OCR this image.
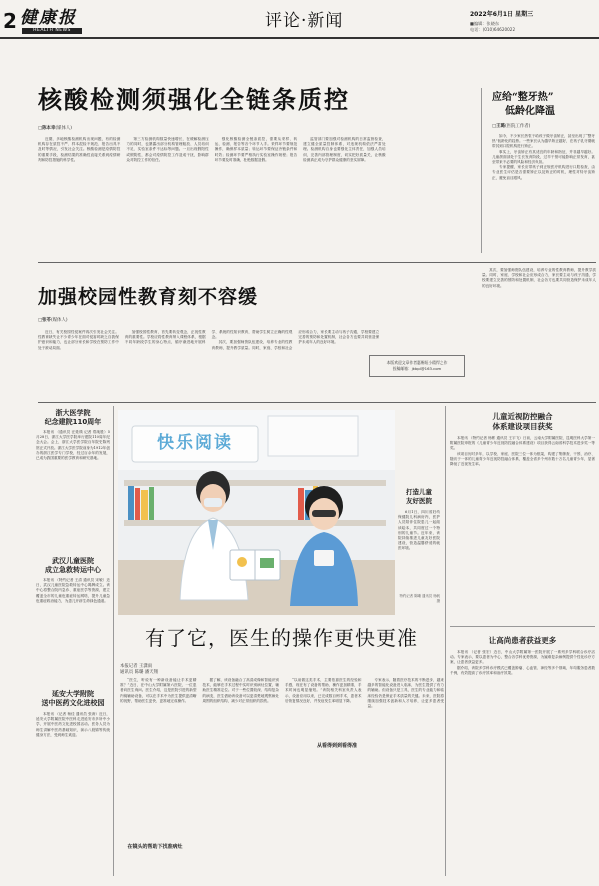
2 健康报
HEALTH NEWS	评论·新闻	2022年6月1日 星期三
■编辑：张晓东
电话：(010)64620022
核酸检测须强化全链条质控
□陈本幸(媒体人)

近期，多地核酸检测机构出现问题，有的检测机构存在质控不严、样本混检不规范、报告出具不及时等情况，引发社会关注。核酸检测是疫情防控的重要手段，检测结果的准确性直接关系到疫情研判和防控措施的科学性。

第三方检测机构数量快速增长，在缓解检测压力的同时，也暴露出部分机构管理粗放、人员培训不足、实验室条件不达标等问题。一旦出现假阳性或假阴性，都会对疫情防控工作造成干扰，影响群众对防控工作的信任。

强化核酸检测全链条质控，需要从采样、转运、检测、报告等各个环节入手。采样环节要规范操作，确保样本质量；转运环节要保证冷链条件和时效；检测环节要严格执行实验室操作规程；报告环节要及时准确，杜绝数据造假。

监管部门要加强对检测机构的日常监督检查，建立健全质量控制体系，对违规机构依法严肃处理。检测机构自身也要强化主体责任，加强人员培训，完善内部管理制度，切实把好质量关，让核酸检测真正成为守护群众健康的坚实屏障。

应给“整牙热”
低龄化降温
□王璐(医院工作者)

如今，不少家长热衷于给孩子做牙齿矫正，甚至出现了“整牙热”低龄化的趋势。一些家长认为越早矫正越好，在孩子乳牙期就带其到口腔机构进行矫正。

事实上，牙齿矫正有其适宜的年龄和指征，并非越早越好。儿童颌面部处于生长发育阶段，过早干预可能影响正常发育，甚至带来不必要的风险和经济负担。

专家提醒，家长应带孩子到正规医疗机构进行口腔检查，由专业医生评估是否需要矫正以及矫正的时机，理性对待牙齿矫正，避免盲目跟风。

加强校园性教育刻不容缓
□张苓(媒体人)

近日，有关校园性侵案件再次引发社会关注。性教育缺失让不少青少年在面对侵害时缺乏自我保护意识和能力，也让部分家长和学校在预防工作中处于被动局面。

加强校园性教育，首先要转变观念，正视性教育的重要性。学校应将性教育纳入课程体系，根据不同年龄段学生的身心特点，循序渐进地开展科学、系统的性知识教育，帮助学生树立正确的性观念。

其次，要加强师资队伍建设，培养专业的性教育教师，提升教学质量。同时，家庭、学校和社会应形成合力，家长要主动与孩子沟通，学校要建立完善的预防和处置机制，社会各方也要共同营造保护未成年人的良好环境。

其次，要加强师资队伍建设，培养专业的性教育教师，提升教学质量。同时，家庭、学校和社会应形成合力，家长要主动与孩子沟通，学校要建立完善的预防和处置机制，社会各方也要共同营造保护未成年人的良好环境。

本版欢迎文章作者惠赐短小精悍之作
投稿邮箱：jkbpl@163.com
浙大医学院
纪念建院110周年

本报讯 （通讯员 汪姓瑛 记者 郑纯胜）5月28日，浙江大学医学院举行建院110周年纪念大会。会上，浙江大学医学院百年院史陈列馆正式开放。浙江大学医学院前身为1912年创办的浙江医学专门学校，经过百余年的发展，已成为我国重要的医学教育和研究基地。

武汉儿童医院
成立急救转运中心

本报讯 （特约记者 王清 通讯员 宋敏）近日，武汉儿童医院急救转运中心揭牌成立。该中心将整合院内急诊、重症医学等资源，建立覆盖全市的儿童危重症转运网络，提升儿童急危重症救治能力，为患儿开辟生命绿色通道。

延安大学附院
送中医药文化进校园

本报讯 （记者 杨佳 通讯员 张涛）近日，延安大学附属医院中医科走进延安市多所中小学，开展中医药文化进校园活动。医务人员为师生讲解中医药基础知识，演示八段锦等传统健身方法，受到师生欢迎。

快乐阅读
打造儿童
友好医院

6月1日，四川省妇幼保健院儿科病房内，医护人员陪伴住院患儿一起阅读绘本，共同度过一个特别的儿童节。近年来，该院持续推进儿童友好医院建设，营造温馨舒适的就医环境。

特约记者 陈曦 通讯员 杨帆 摄
儿童近视防控融合
体系建设项目获奖

本报讯 （特约记者 杨彬 通讯员 王宇飞）日前，云南大学附属医院、昆明医科大学第一附属医院申报的《儿童青少年近视防控融合体系建设》项目获得云南省科学技术进步奖一等奖。

该项目历时多年，以学校、家庭、医院三位一体为框架，构建了集筛查、干预、治疗、随访于一体的儿童青少年近视防控融合体系，覆盖全省多个州市数十万名儿童青少年，显著降低了近视发生率。

让高尚患者获益更多

本报讯 （记者 张宏）近日，中山大学附属第一医院开展了一系列多学科联合诊疗活动。专家表示，要以患者为中心，整合各学科优势资源，为疑难复杂病例提供个性化诊疗方案，让患者获益更多。

据介绍，该院多学科诊疗模式已覆盖肿瘤、心血管、神经等多个领域，年均服务患者数千例，有效提高了诊疗效率和治疗效果。

有了它，医生的操作更快更准
本报记者 王潇雨
通讯员 陈璐 潘天翔
在镜头的帮助下找准病灶
从看得到到看得准

“医生，听说有一种新设备能让手术更精准？”近日，在中山大学附属第六医院，一位患者向医生询问。医生介绍，这是医院引进的新型内镜辅助设备，可以在手术中为医生提供更清晰的视野，帮助医生更快、更准地完成操作。

据了解，该设备融合了高清成像和智能识别技术，能够在手术过程中实时识别病灶位置，辅助医生精准定位。对于一些位置较深、结构复杂的病变，医生借助该设备可以更清楚地观察病灶周围的组织结构，减少对正常组织的损伤。

“以前做这类手术，主要依靠医生的经验和手感，现在有了设备的帮助，操作更加精准，手术时间也明显缩短。”该院相关科室负责人表示，设备应用以来，已完成数百例手术，患者术后恢复情况良好，并发症发生率明显下降。

专家表示，随着医疗技术的不断进步，越来越多的智能化设备进入临床，为医生提供了有力的辅助。但设备只是工具，医生的专业能力和临床经验仍是保证手术质量的关键。未来，医院将继续加强技术创新和人才培养，让更多患者受益。
